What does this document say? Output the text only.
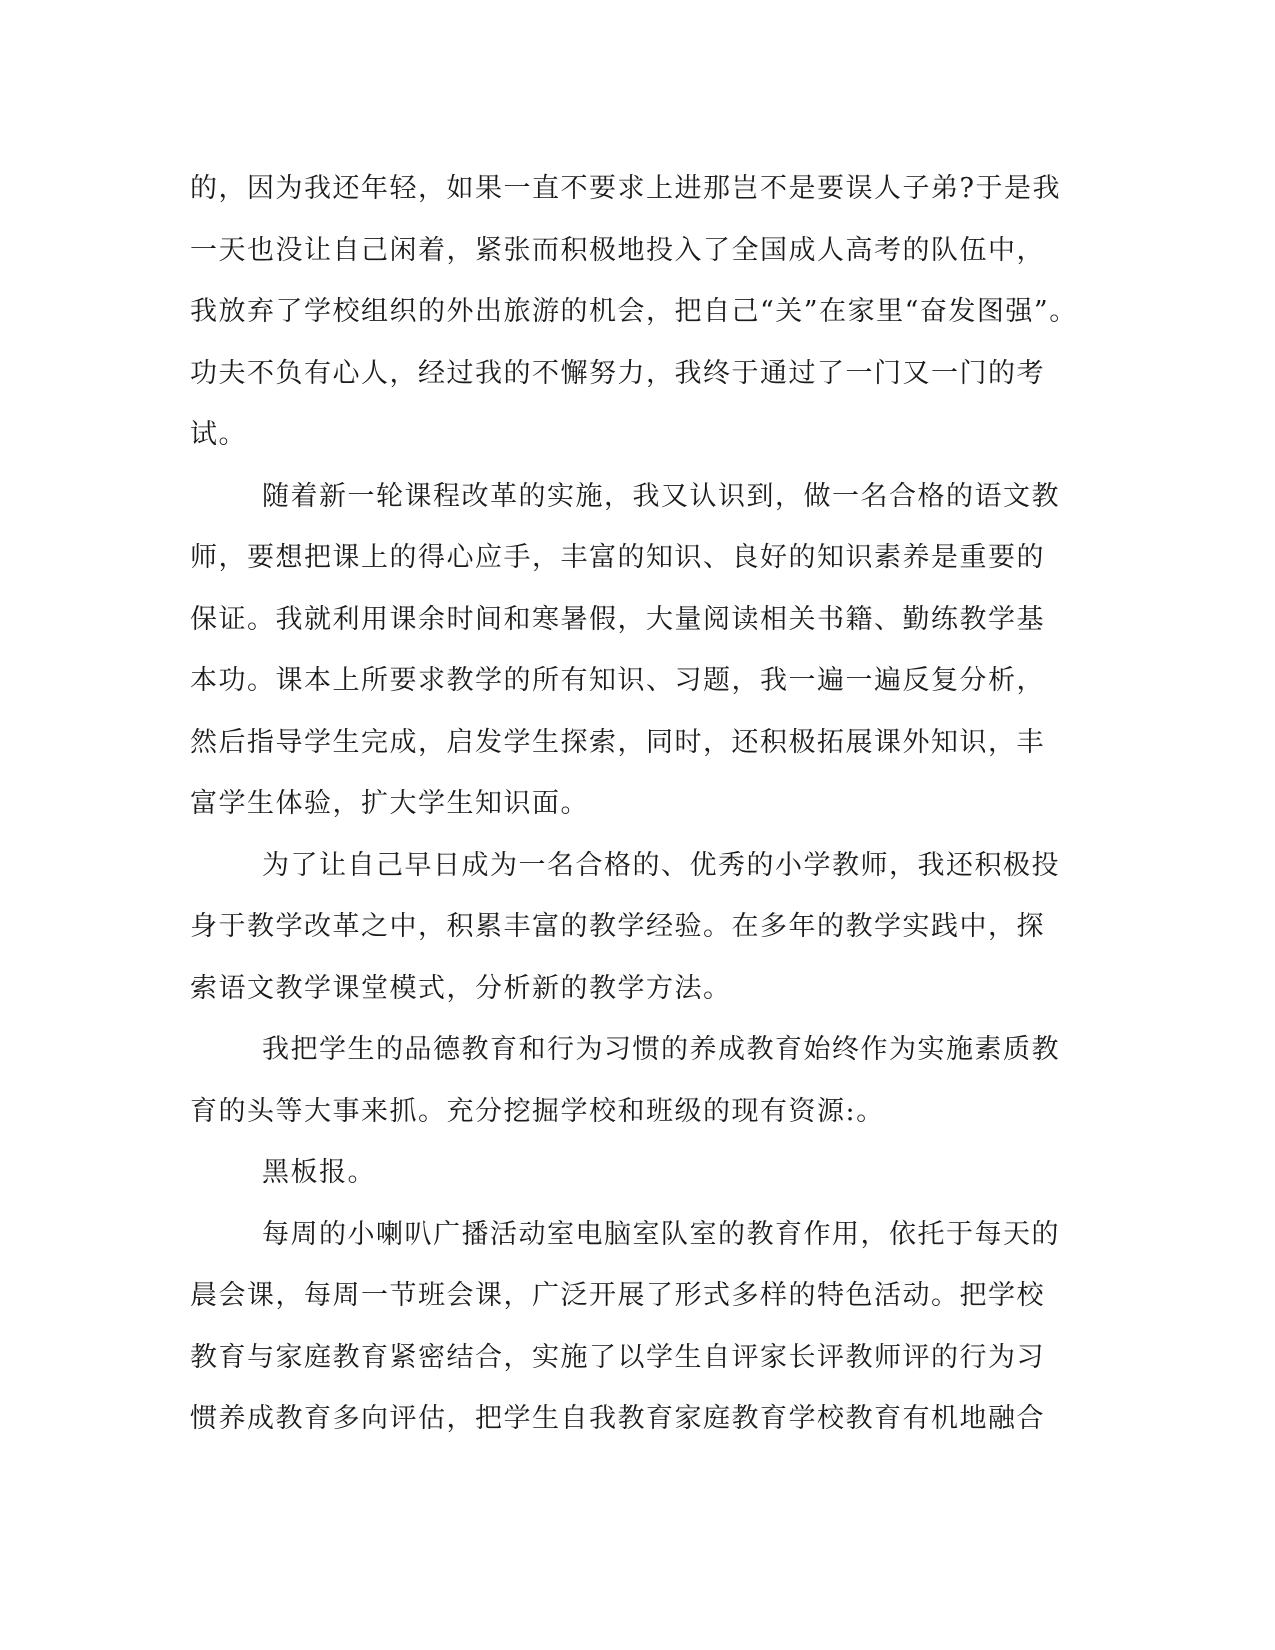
的，因为我还年轻，如果一直不要求上进那岂不是要误人子弟?于是我
一天也没让自己闲着，紧张而积极地投入了全国成人高考的队伍中，
我放弃了学校组织的外出旅游的机会，把自己“关”在家里“奋发图强”。
功夫不负有心人，经过我的不懈努力，我终于通过了一门又一门的考
试。
随着新一轮课程改革的实施，我又认识到，做一名合格的语文教
师，要想把课上的得心应手，丰富的知识、良好的知识素养是重要的
保证。我就利用课余时间和寒暑假，大量阅读相关书籍、勤练教学基
本功。课本上所要求教学的所有知识、习题，我一遍一遍反复分析，
然后指导学生完成，启发学生探索，同时，还积极拓展课外知识，丰
富学生体验，扩大学生知识面。
为了让自己早日成为一名合格的、优秀的小学教师，我还积极投
身于教学改革之中，积累丰富的教学经验。在多年的教学实践中，探
索语文教学课堂模式，分析新的教学方法。
我把学生的品德教育和行为习惯的养成教育始终作为实施素质教
育的头等大事来抓。充分挖掘学校和班级的现有资源:。
黑板报。
每周的小喇叭广播活动室电脑室队室的教育作用，依托于每天的
晨会课，每周一节班会课，广泛开展了形式多样的特色活动。把学校
教育与家庭教育紧密结合，实施了以学生自评家长评教师评的行为习
惯养成教育多向评估，把学生自我教育家庭教育学校教育有机地融合
